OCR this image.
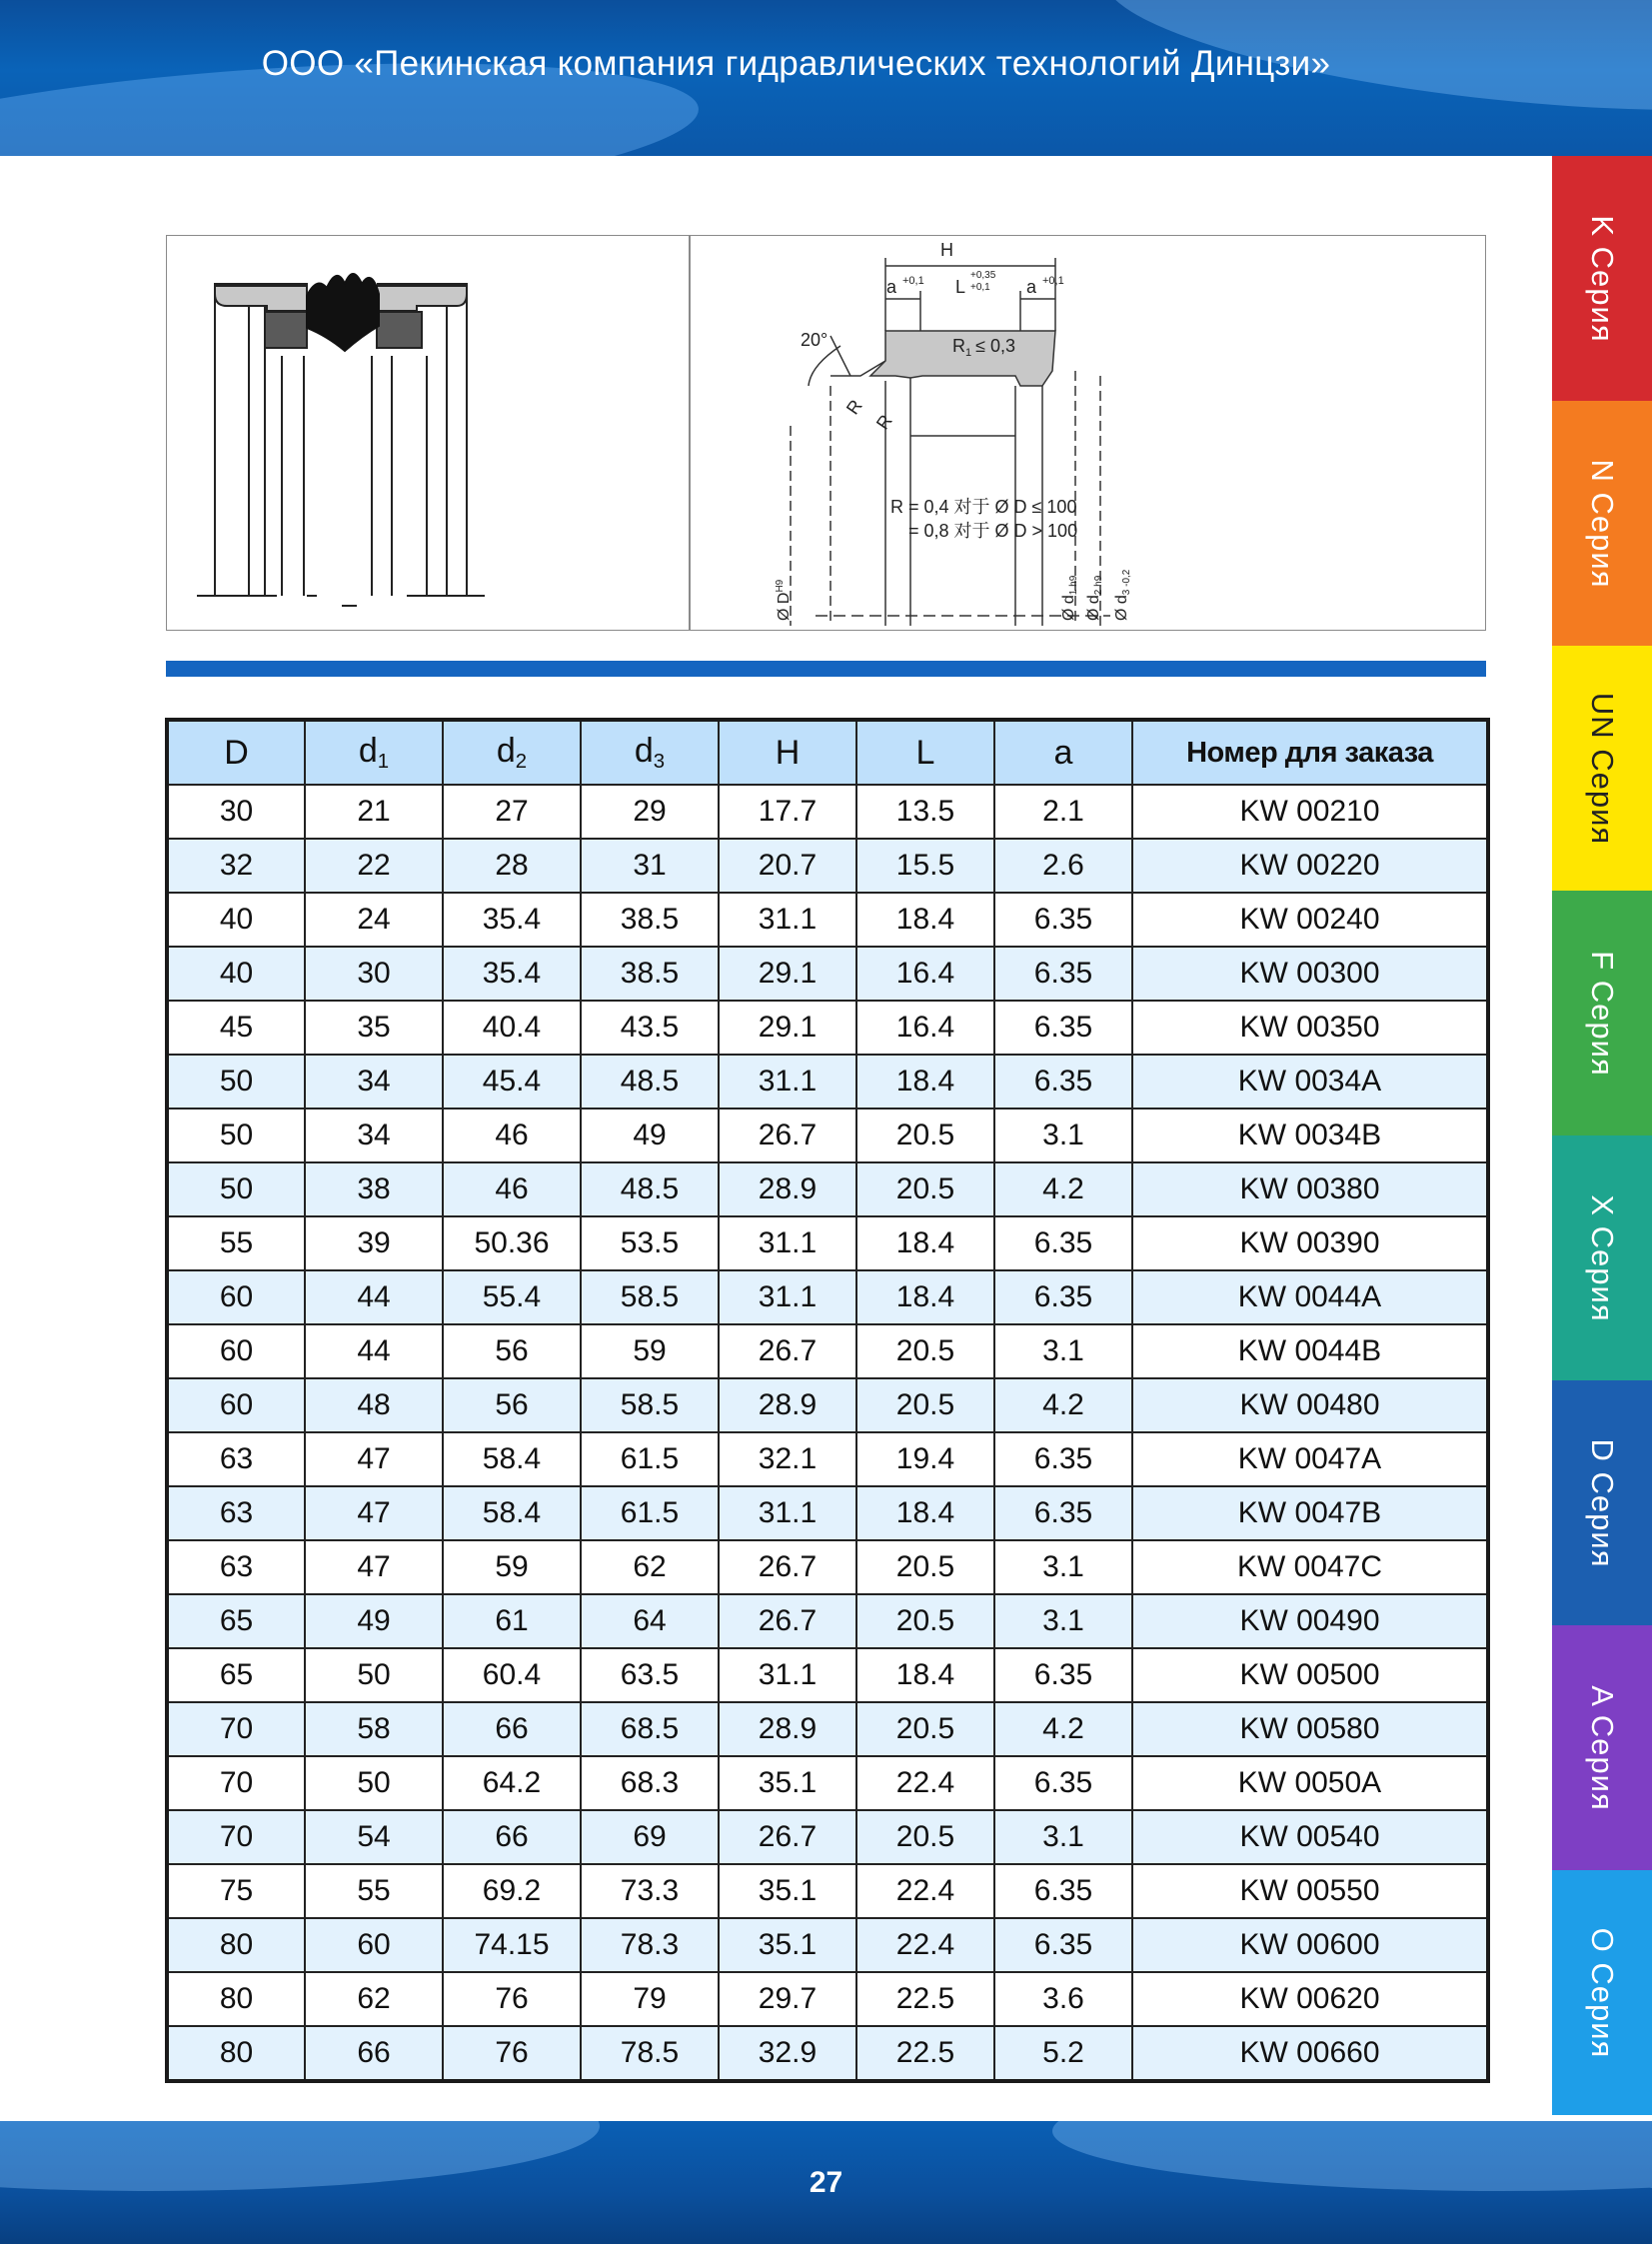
ООО «Пекинская компания гидравлических технологий Динцзи»
K Серия
N Серия
UN Серия
F Серия
X Серия
D Серия
A Серия
O Серия
H
a +0,1 L
+0,35
+0,1 a +0,1
20°	$R_1 \le 0,3$
R
R
R = 0,4 对于 Ø D ≤ 100
= 0,8 对于 Ø D > 100
Ø $D^{H9}$
Ø d1 h9
Ø d2 h9
Ø d3 -0,2
D	$d_1$	$d_2$	$d_3$	H	L	a	Номер для заказа
30	21	27	29	17.7	13.5	2.1	KW 00210
32	22	28	31	20.7	15.5	2.6	KW 00220
40	24	35.4	38.5	31.1	18.4	6.35	KW 00240
40	30	35.4	38.5	29.1	16.4	6.35	KW 00300
45	35	40.4	43.5	29.1	16.4	6.35	KW 00350
50	34	45.4	48.5	31.1	18.4	6.35	KW 0034A
50	34	46	49	26.7	20.5	3.1	KW 0034B
50	38	46	48.5	28.9	20.5	4.2	KW 00380
55	39	50.36	53.5	31.1	18.4	6.35	KW 00390
60	44	55.4	58.5	31.1	18.4	6.35	KW 0044A
60	44	56	59	26.7	20.5	3.1	KW 0044B
60	48	56	58.5	28.9	20.5	4.2	KW 00480
63	47	58.4	61.5	32.1	19.4	6.35	KW 0047A
63	47	58.4	61.5	31.1	18.4	6.35	KW 0047B
63	47	59	62	26.7	20.5	3.1	KW 0047C
65	49	61	64	26.7	20.5	3.1	KW 00490
65	50	60.4	63.5	31.1	18.4	6.35	KW 00500
70	58	66	68.5	28.9	20.5	4.2	KW 00580
70	50	64.2	68.3	35.1	22.4	6.35	KW 0050A
70	54	66	69	26.7	20.5	3.1	KW 00540
75	55	69.2	73.3	35.1	22.4	6.35	KW 00550
80	60	74.15	78.3	35.1	22.4	6.35	KW 00600
80	62	76	79	29.7	22.5	3.6	KW 00620
80	66	76	78.5	32.9	22.5	5.2	KW 00660
27
